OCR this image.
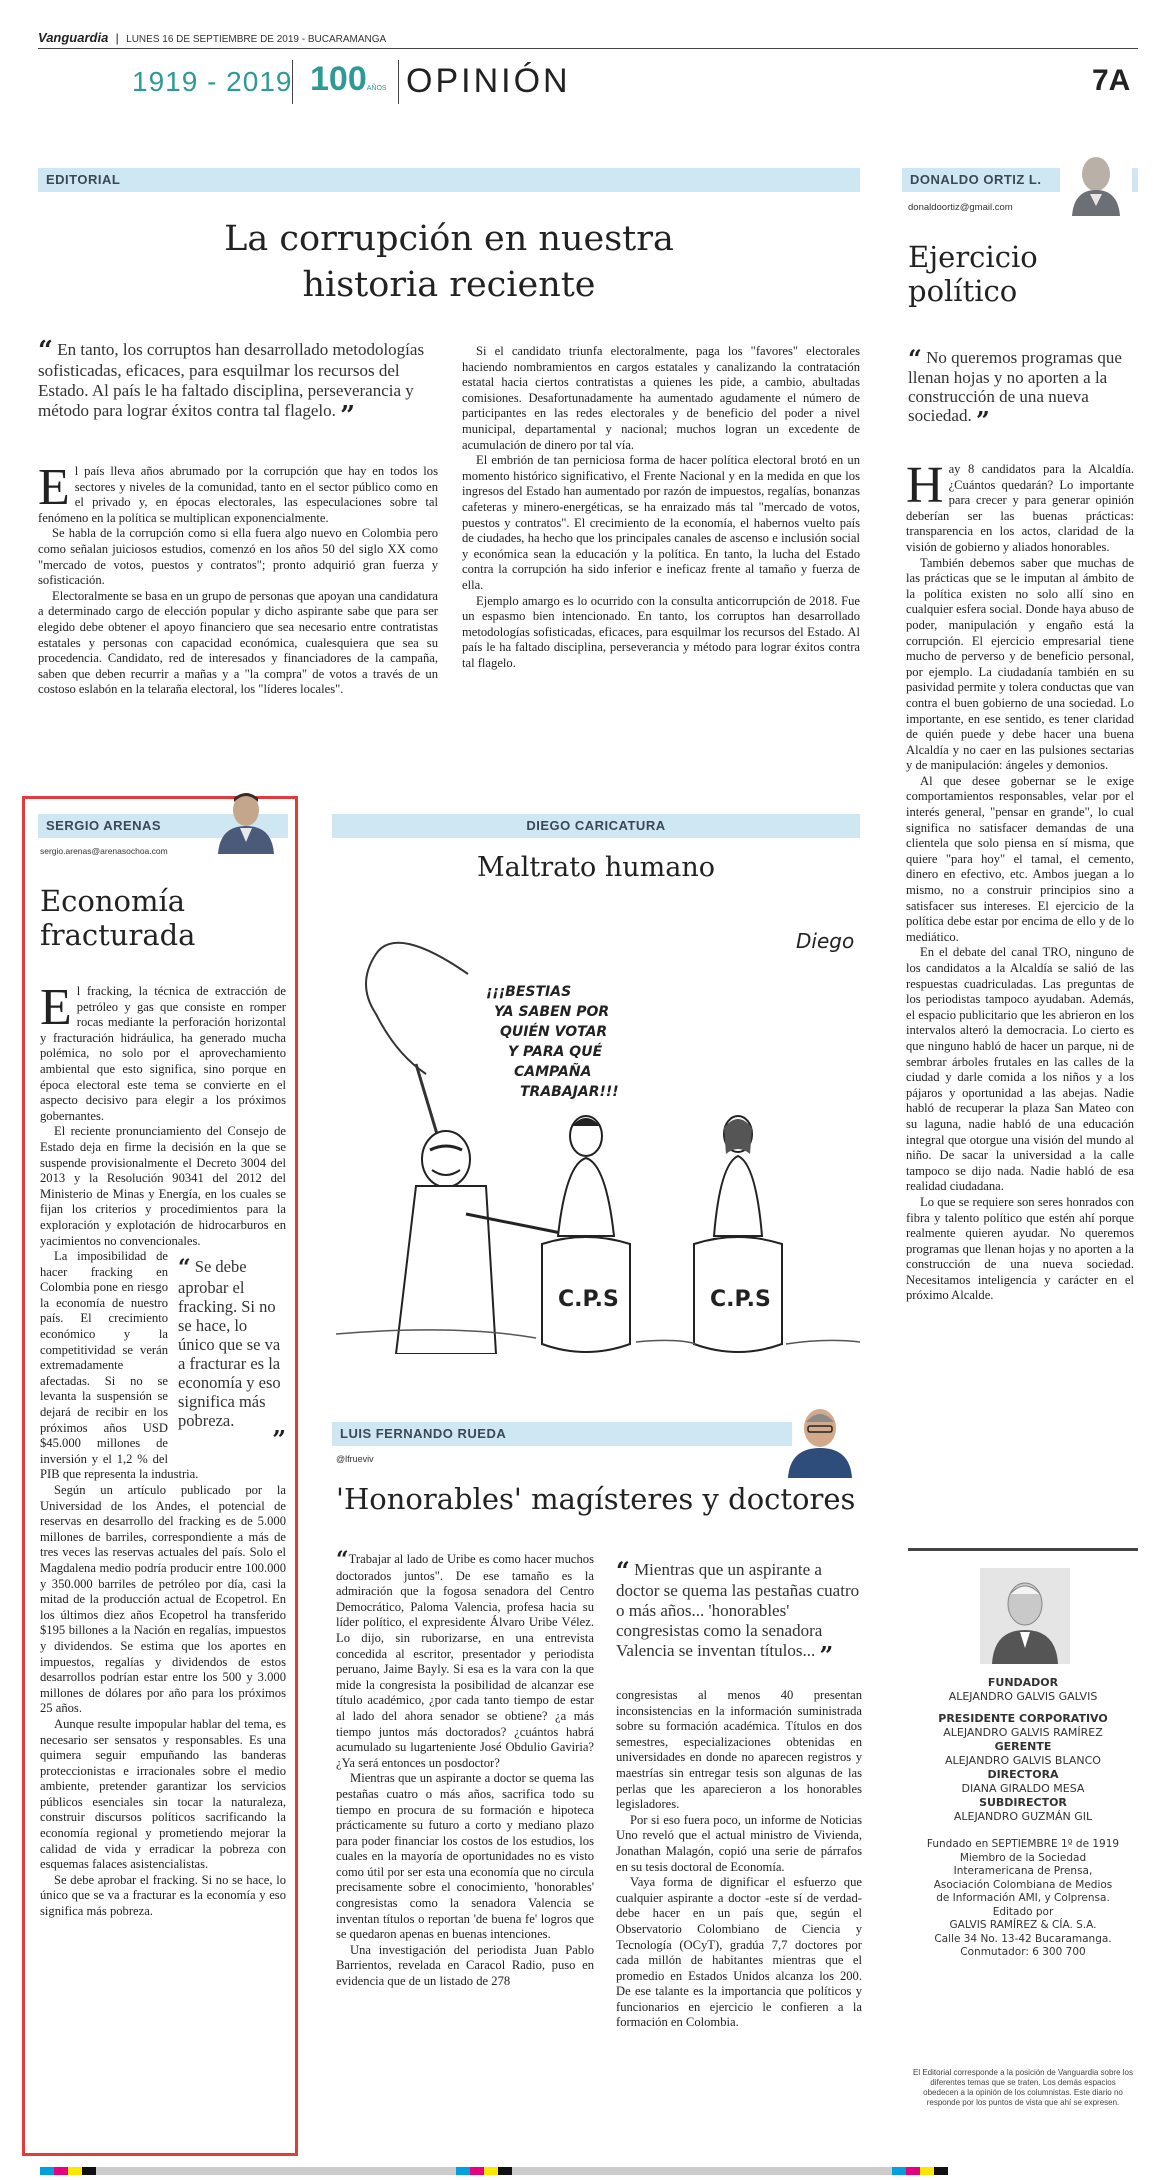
Vanguardia | LUNES 16 DE SEPTIEMBRE DE 2019 - BUCARAMANGA
1919 - 2019 100AÑOS OPINIÓN	7A
EDITORIAL
La corrupción en nuestra
historia reciente
“ En tanto, los corruptos han desarrollado metodologías sofisticadas, eficaces, para esquilmar los recursos del Estado. Al país le ha faltado disciplina, perseverancia y método para lograr éxitos contra tal flagelo. ”

El país lleva años abrumado por la corrupción que hay en todos los sectores y niveles de la comunidad, tanto en el sector público como en el privado y, en épocas electorales, las especulaciones sobre tal fenómeno en la política se multiplican exponencialmente.

Se habla de la corrupción como si ella fuera algo nuevo en Colombia pero como señalan juiciosos estudios, comenzó en los años 50 del siglo XX como "mercado de votos, puestos y contratos"; pronto adquirió gran fuerza y sofisticación.

Electoralmente se basa en un grupo de personas que apoyan una candidatura a determinado cargo de elección popular y dicho aspirante sabe que para ser elegido debe obtener el apoyo financiero que sea necesario entre contratistas estatales y personas con capacidad económica, cualesquiera que sea su procedencia. Candidato, red de interesados y financiadores de la campaña, saben que deben recurrir a mañas y a "la compra" de votos a través de un costoso eslabón en la telaraña electoral, los "líderes locales".

Si el candidato triunfa electoralmente, paga los "favores" electorales haciendo nombramientos en cargos estatales y canalizando la contratación estatal hacia ciertos contratistas a quienes les pide, a cambio, abultadas comisiones. Desafortunadamente ha aumentado agudamente el número de participantes en las redes electorales y de beneficio del poder a nivel municipal, departamental y nacional; muchos logran un excedente de acumulación de dinero por tal vía.

El embrión de tan perniciosa forma de hacer política electoral brotó en un momento histórico significativo, el Frente Nacional y en la medida en que los ingresos del Estado han aumentado por razón de impuestos, regalías, bonanzas cafeteras y minero-energéticas, se ha enraizado más tal "mercado de votos, puestos y contratos". El crecimiento de la economía, el habernos vuelto país de ciudades, ha hecho que los principales canales de ascenso e inclusión social y económica sean la educación y la política. En tanto, la lucha del Estado contra la corrupción ha sido inferior e ineficaz frente al tamaño y fuerza de ella.

Ejemplo amargo es lo ocurrido con la consulta anticorrupción de 2018. Fue un espasmo bien intencionado. En tanto, los corruptos han desarrollado metodologías sofisticadas, eficaces, para esquilmar los recursos del Estado. Al país le ha faltado disciplina, perseverancia y método para lograr éxitos contra tal flagelo.

DONALDO ORTIZ L.
donaldoortiz@gmail.com
Ejercicio
político
“ No queremos programas que llenan hojas y no aporten a la construcción de una nueva sociedad. ”

Hay 8 candidatos para la Alcaldía. ¿Cuántos quedarán? Lo importante para crecer y para generar opinión deberían ser las buenas prácticas: transparencia en los actos, claridad de la visión de gobierno y aliados honorables.

También debemos saber que muchas de las prácticas que se le imputan al ámbito de la política existen no solo allí sino en cualquier esfera social. Donde haya abuso de poder, manipulación y engaño está la corrupción. El ejercicio empresarial tiene mucho de perverso y de beneficio personal, por ejemplo. La ciudadanía también en su pasividad permite y tolera conductas que van contra el buen gobierno de una sociedad. Lo importante, en ese sentido, es tener claridad de quién puede y debe hacer una buena Alcaldía y no caer en las pulsiones sectarias y de manipulación: ángeles y demonios.

Al que desee gobernar se le exige comportamientos responsables, velar por el interés general, "pensar en grande", lo cual significa no satisfacer demandas de una clientela que solo piensa en sí misma, que quiere "para hoy" el tamal, el cemento, dinero en efectivo, etc. Ambos juegan a lo mismo, no a construir principios sino a satisfacer sus intereses. El ejercicio de la política debe estar por encima de ello y de lo mediático.

En el debate del canal TRO, ninguno de los candidatos a la Alcaldía se salió de las respuestas cuadriculadas. Las preguntas de los periodistas tampoco ayudaban. Además, el espacio publicitario que les abrieron en los intervalos alteró la democracia. Lo cierto es que ninguno habló de hacer un parque, ni de sembrar árboles frutales en las calles de la ciudad y darle comida a los niños y a los pájaros y oportunidad a las abejas. Nadie habló de recuperar la plaza San Mateo con su laguna, nadie habló de una educación integral que otorgue una visión del mundo al niño. De sacar la universidad a la calle tampoco se dijo nada. Nadie habló de esa realidad ciudadana.

Lo que se requiere son seres honrados con fibra y talento político que estén ahí porque realmente quieren ayudar. No queremos programas que llenan hojas y no aporten a la construcción de una nueva sociedad. Necesitamos inteligencia y carácter en el próximo Alcalde.

SERGIO ARENAS
sergio.arenas@arenasochoa.com
Economía
fracturada

El fracking, la técnica de extracción de petróleo y gas que consiste en romper rocas mediante la perforación horizontal y fracturación hidráulica, ha generado mucha polémica, no solo por el aprovechamiento ambiental que esto significa, sino porque en época electoral este tema se convierte en el aspecto decisivo para elegir a los próximos gobernantes.

El reciente pronunciamiento del Consejo de Estado deja en firme la decisión en la que se suspende provisionalmente el Decreto 3004 del 2013 y la Resolución 90341 del 2012 del Ministerio de Minas y Energía, en los cuales se fijan los criterios y procedimientos para la exploración y explotación de hidrocarburos en yacimientos no convencionales.

“ Se debe aprobar el fracking. Si no se hace, lo único que se va a fracturar es la economía y eso significa más pobreza.
”

La imposibilidad de hacer fracking en Colombia pone en riesgo la economía de nuestro país. El crecimiento económico y la competitividad se verán extremadamente afectadas. Si no se levanta la suspensión se dejará de recibir en los próximos años USD $45.000 millones de inversión y el 1,2 % del PIB que representa la industria.

Según un artículo publicado por la Universidad de los Andes, el potencial de reservas en desarrollo del fracking es de 5.000 millones de barriles, correspondiente a más de tres veces las reservas actuales del país. Solo el Magdalena medio podría producir entre 100.000 y 350.000 barriles de petróleo por día, casi la mitad de la producción actual de Ecopetrol. En los últimos diez años Ecopetrol ha transferido $195 billones a la Nación en regalías, impuestos y dividendos. Se estima que los aportes en impuestos, regalías y dividendos de estos desarrollos podrían estar entre los 500 y 3.000 millones de dólares por año para los próximos 25 años.

Aunque resulte impopular hablar del tema, es necesario ser sensatos y responsables. Es una quimera seguir empuñando las banderas proteccionistas e irracionales sobre el medio ambiente, pretender garantizar los servicios públicos esenciales sin tocar la naturaleza, construir discursos políticos sacrificando la economía regional y prometiendo mejorar la calidad de vida y erradicar la pobreza con esquemas falaces asistencialistas.

Se debe aprobar el fracking. Si no se hace, lo único que se va a fracturar es la economía y eso significa más pobreza.

DIEGO CARICATURA
Maltrato humano
Diego
¡¡¡BESTIAS
YA SABEN POR
QUIÉN VOTAR
Y PARA QUÉ
CAMPAÑA
TRABAJAR!!!
C.P.S	C.P.S
LUIS FERNANDO RUEDA
@lfrueviv
'Honorables' magísteres y doctores

“Trabajar al lado de Uribe es como hacer muchos doctorados juntos". De ese tamaño es la admiración que la fogosa senadora del Centro Democrático, Paloma Valencia, profesa hacia su líder político, el expresidente Álvaro Uribe Vélez. Lo dijo, sin ruborizarse, en una entrevista concedida al escritor, presentador y periodista peruano, Jaime Bayly. Si esa es la vara con la que mide la congresista la posibilidad de alcanzar ese título académico, ¿por cada tanto tiempo de estar al lado del ahora senador se obtiene? ¿a más tiempo juntos más doctorados? ¿cuántos habrá acumulado su lugarteniente José Obdulio Gaviria? ¿Ya será entonces un posdoctor?

Mientras que un aspirante a doctor se quema las pestañas cuatro o más años, sacrifica todo su tiempo en procura de su formación e hipoteca prácticamente su futuro a corto y mediano plazo para poder financiar los costos de los estudios, los cuales en la mayoría de oportunidades no es visto como útil por ser esta una economía que no circula precisamente sobre el conocimiento, 'honorables' congresistas como la senadora Valencia se inventan títulos o reportan 'de buena fe' logros que se quedaron apenas en buenas intenciones.

Una investigación del periodista Juan Pablo Barrientos, revelada en Caracol Radio, puso en evidencia que de un listado de 278

“ Mientras que un aspirante a doctor se quema las pestañas cuatro o más años... 'honorables' congresistas como la senadora Valencia se inventan títulos... ”

congresistas al menos 40 presentan inconsistencias en la información suministrada sobre su formación académica. Títulos en dos semestres, especializaciones obtenidas en universidades en donde no aparecen registros y maestrías sin entregar tesis son algunas de las perlas que les aparecieron a los honorables legisladores.

Por si eso fuera poco, un informe de Noticias Uno reveló que el actual ministro de Vivienda, Jonathan Malagón, copió una serie de párrafos en su tesis doctoral de Economía.

Vaya forma de dignificar el esfuerzo que cualquier aspirante a doctor -este sí de verdad- debe hacer en un país que, según el Observatorio Colombiano de Ciencia y Tecnología (OCyT), gradúa 7,7 doctores por cada millón de habitantes mientras que el promedio en Estados Unidos alcanza los 200. De ese talante es la importancia que políticos y funcionarios en ejercicio le confieren a la formación en Colombia.

FUNDADOR
ALEJANDRO GALVIS GALVIS
PRESIDENTE CORPORATIVO
ALEJANDRO GALVIS RAMÍREZ
GERENTE
ALEJANDRO GALVIS BLANCO
DIRECTORA
DIANA GIRALDO MESA
SUBDIRECTOR
ALEJANDRO GUZMÁN GIL
Fundado en SEPTIEMBRE 1º de 1919
Miembro de la Sociedad
Interamericana de Prensa,
Asociación Colombiana de Medios
de Información AMI, y Colprensa.
Editado por
GALVIS RAMÍREZ & CÍA. S.A.
Calle 34 No. 13-42 Bucaramanga.
Conmutador: 6 300 700
El Editorial corresponde a la posición de Vanguardia sobre los diferentes temas que se traten. Los demás espacios obedecen a la opinión de los columnistas. Este diario no responde por los puntos de vista que ahí se expresen.
